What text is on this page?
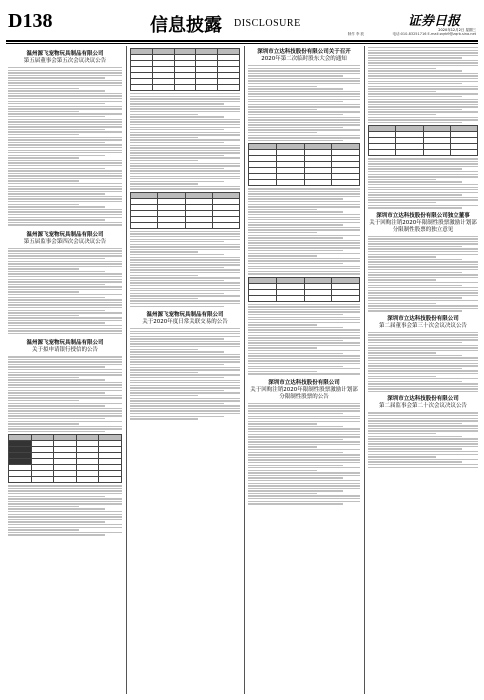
D138	信息披露 DISCLOSURE	证券日报
2020年12月2日 星期三
电话:010-83251716 E-mail:zqrb9@zqrb.sina.net
制作 李 波
温州源飞宠物玩具制品有限公司
第五届董事会第五次会议决议公告
温州源飞宠物玩具制品有限公司
第五届监事会第四次会议决议公告
温州源飞宠物玩具制品有限公司
关于拟申请银行授信的公告

温州源飞宠物玩具制品有限公司
关于2020年度日常关联交易的公告
深圳市立达科技股份有限公司关于召开
2020年第二次临时股东大会的通知

深圳市立达科技股份有限公司
关于回购注销2020年限制性股票激励计划部分限制性股票的公告

深圳市立达科技股份有限公司独立董事
关于回购注销2020年限制性股票激励计划部分限制性股票的独立意见
深圳市立达科技股份有限公司
第二届董事会第三十次会议决议公告
深圳市立达科技股份有限公司
第二届监事会第二十次会议决议公告
